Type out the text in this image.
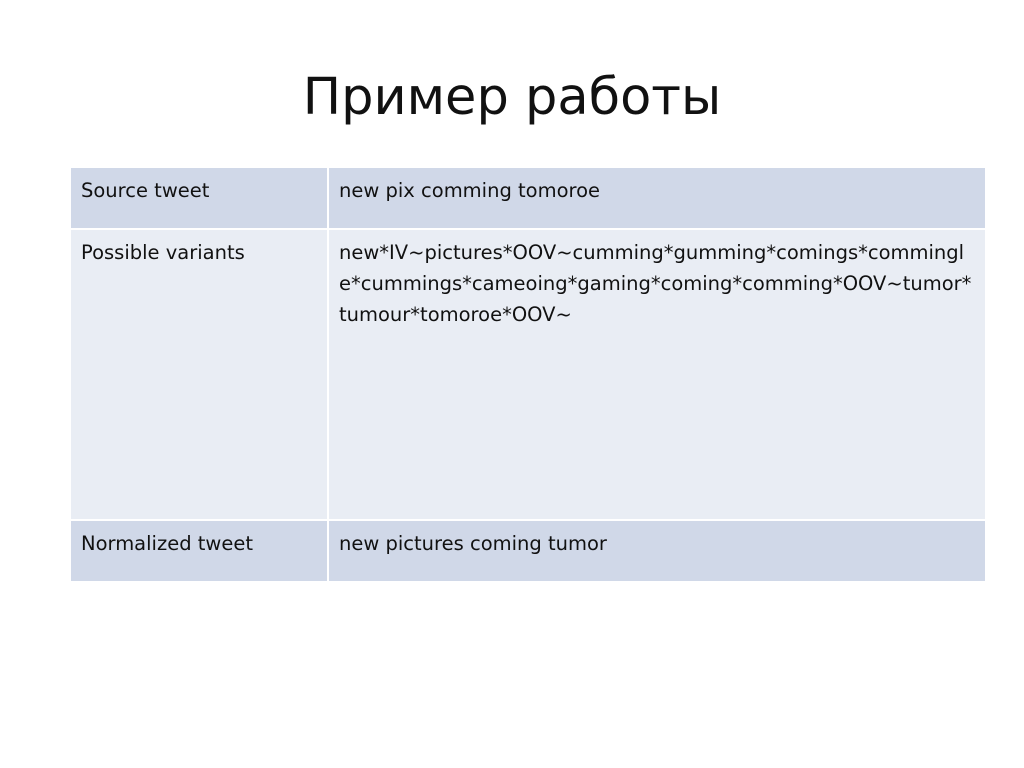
Пример работы
Source tweet	new pix comming tomoroe
Possible variants	new*IV~pictures*OOV~cumming*gumming*comings*commingle*cummings*cameoing*gaming*coming*comming*OOV~tumor*tumour*tomoroe*OOV~
Normalized tweet	new pictures coming tumor
